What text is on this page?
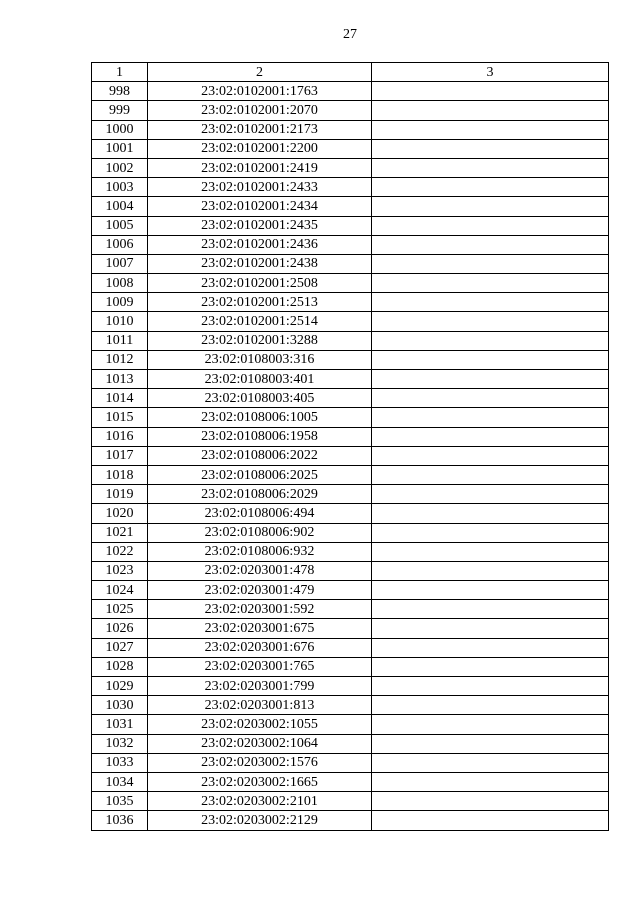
27
1	2	3
998	23:02:0102001:1763	
999	23:02:0102001:2070	
1000	23:02:0102001:2173	
1001	23:02:0102001:2200	
1002	23:02:0102001:2419	
1003	23:02:0102001:2433	
1004	23:02:0102001:2434	
1005	23:02:0102001:2435	
1006	23:02:0102001:2436	
1007	23:02:0102001:2438	
1008	23:02:0102001:2508	
1009	23:02:0102001:2513	
1010	23:02:0102001:2514	
1011	23:02:0102001:3288	
1012	23:02:0108003:316	
1013	23:02:0108003:401	
1014	23:02:0108003:405	
1015	23:02:0108006:1005	
1016	23:02:0108006:1958	
1017	23:02:0108006:2022	
1018	23:02:0108006:2025	
1019	23:02:0108006:2029	
1020	23:02:0108006:494	
1021	23:02:0108006:902	
1022	23:02:0108006:932	
1023	23:02:0203001:478	
1024	23:02:0203001:479	
1025	23:02:0203001:592	
1026	23:02:0203001:675	
1027	23:02:0203001:676	
1028	23:02:0203001:765	
1029	23:02:0203001:799	
1030	23:02:0203001:813	
1031	23:02:0203002:1055	
1032	23:02:0203002:1064	
1033	23:02:0203002:1576	
1034	23:02:0203002:1665	
1035	23:02:0203002:2101	
1036	23:02:0203002:2129	
